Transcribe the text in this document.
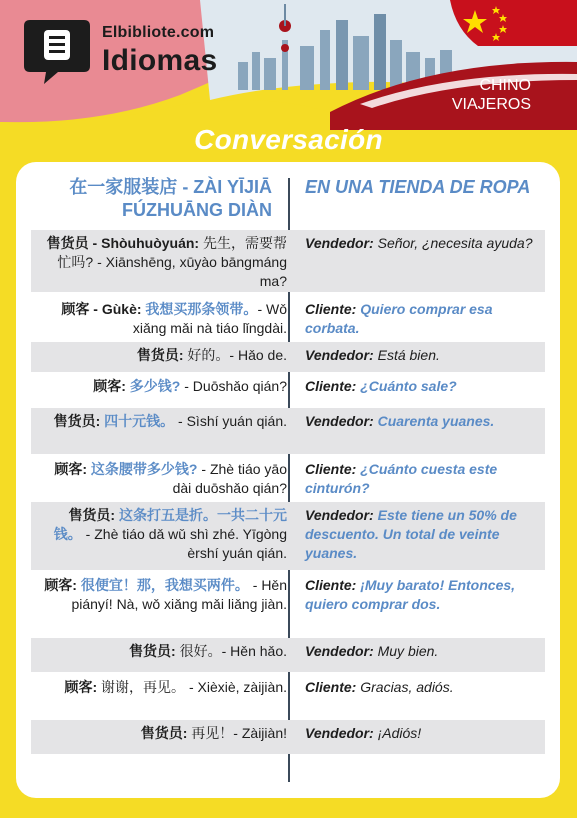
Elbibliote.com
Idiomas
CHINO
VIAJEROS
Conversación
在一家服装店 - ZÀI YĪJIĀ FÚZHUĀNG DIÀN
EN UNA TIENDA DE ROPA
售货员 - Shòuhuòyuán: 先生，需要帮忙吗? - Xiānshēng, xūyào bāngmáng ma?
Vendedor: Señor, ¿necesita ayuda?
顾客 - Gùkè: 我想买那条领带。- Wǒ xiǎng mǎi nà tiáo lǐngdài.
Cliente: Quiero comprar esa corbata.
售货员: 好的。- Hǎo de. Vendedor: Está bien.
顾客: 多少钱? - Duōshǎo qián? Cliente: ¿Cuánto sale?
售货员: 四十元钱。 - Sìshí yuán qián. Vendedor: Cuarenta yuanes.
顾客: 这条腰带多少钱? - Zhè tiáo yāo dài duōshǎo qián?
Cliente: ¿Cuánto cuesta este cinturón?
售货员: 这条打五是折。一共二十元钱。 - Zhè tiáo dǎ wǔ shì zhé. Yīgòng èrshí yuán qián.
Vendedor: Este tiene un 50% de descuento. Un total de veinte yuanes.
顾客: 很便宜！那，我想买两件。 - Hěn piányí! Nà, wǒ xiǎng mǎi liǎng jiàn.
Cliente: ¡Muy barato! Entonces, quiero comprar dos.
售货员: 很好。- Hěn hǎo. Vendedor: Muy bien.
顾客: 谢谢，再见。 - Xièxiè, zàijiàn. Cliente: Gracias, adiós.
售货员: 再见！- Zàijiàn! Vendedor: ¡Adiós!
